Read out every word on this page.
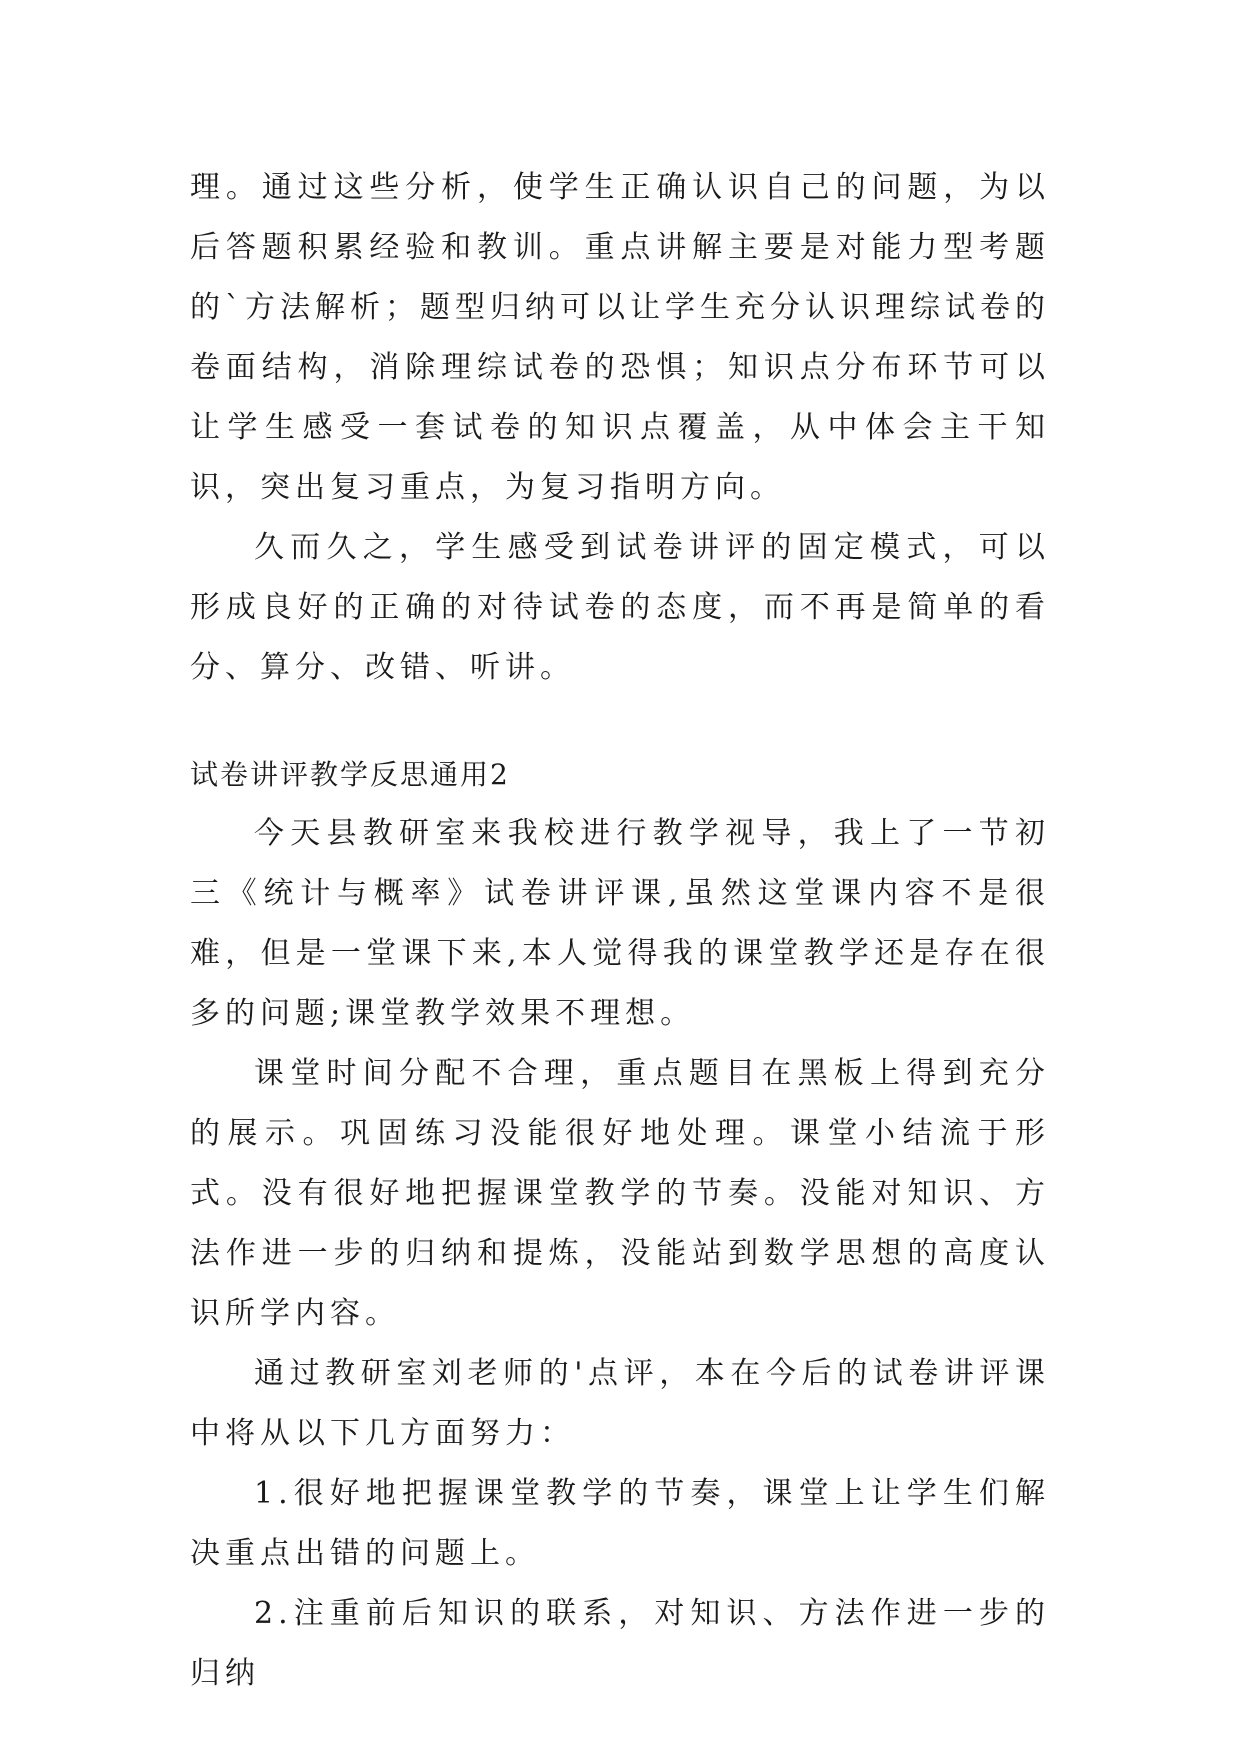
理。通过这些分析，使学生正确认识自己的问题，为以后答题积累经验和教训。重点讲解主要是对能力型考题的`方法解析；题型归纳可以让学生充分认识理综试卷的卷面结构，消除理综试卷的恐惧；知识点分布环节可以让学生感受一套试卷的知识点覆盖，从中体会主干知识，突出复习重点，为复习指明方向。

久而久之，学生感受到试卷讲评的固定模式，可以形成良好的正确的对待试卷的态度，而不再是简单的看分、算分、改错、听讲。

试卷讲评教学反思通用2

今天县教研室来我校进行教学视导，我上了一节初三《统计与概率》试卷讲评课,虽然这堂课内容不是很难，但是一堂课下来,本人觉得我的课堂教学还是存在很多的问题;课堂教学效果不理想。

课堂时间分配不合理，重点题目在黑板上得到充分的展示。巩固练习没能很好地处理。课堂小结流于形式。没有很好地把握课堂教学的节奏。没能对知识、方法作进一步的归纳和提炼，没能站到数学思想的高度认识所学内容。

通过教研室刘老师的'点评，本在今后的试卷讲评课中将从以下几方面努力：

1.很好地把握课堂教学的节奏，课堂上让学生们解决重点出错的问题上。

2.注重前后知识的联系，对知识、方法作进一步的归纳
